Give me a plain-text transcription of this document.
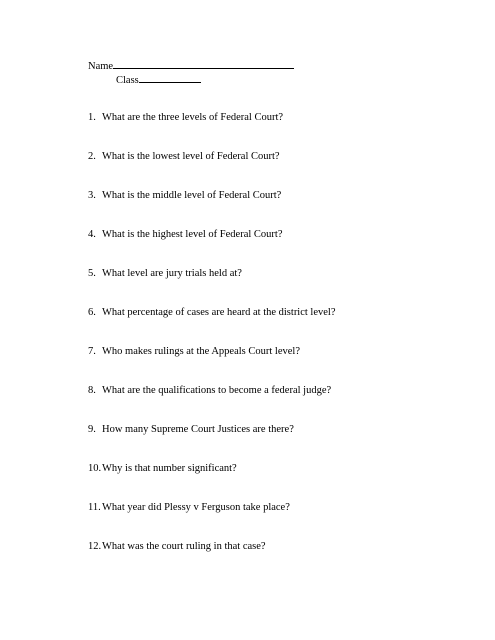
Name
Class
1. What are the three levels of Federal Court?
2. What is the lowest level of Federal Court?
3. What is the middle level of Federal Court?
4. What is the highest level of Federal Court?
5. What level are jury trials held at?
6. What percentage of cases are heard at the district level?
7. Who makes rulings at the Appeals Court level?
8. What are the qualifications to become a federal judge?
9. How many Supreme Court Justices are there?
10. Why is that number significant?
11. What year did Plessy v Ferguson take place?
12. What was the court ruling in that case?
